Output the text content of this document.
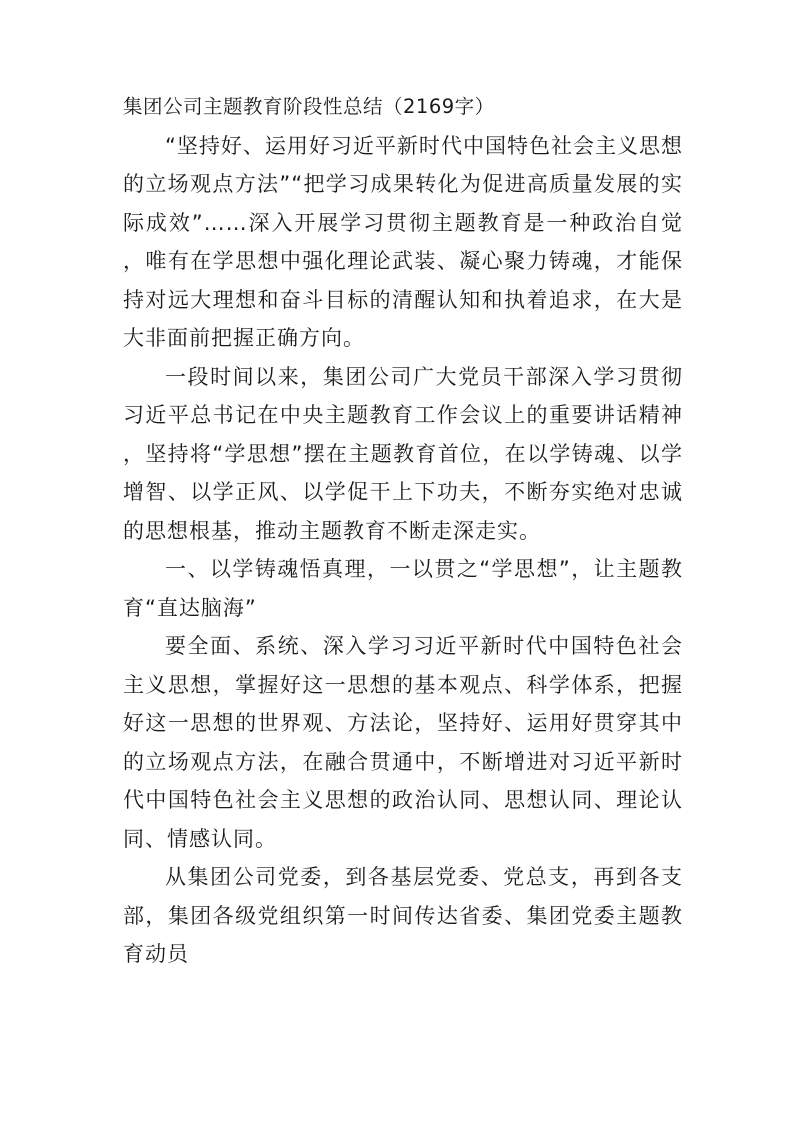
集团公司主题教育阶段性总结（2169字）

“坚持好、运用好习近平新时代中国特色社会主义思想的立场观点方法”“把学习成果转化为促进高质量发展的实际成效”……深入开展学习贯彻主题教育是一种政治自觉，唯有在学思想中强化理论武装、凝心聚力铸魂，才能保持对远大理想和奋斗目标的清醒认知和执着追求，在大是大非面前把握正确方向。

一段时间以来，集团公司广大党员干部深入学习贯彻习近平总书记在中央主题教育工作会议上的重要讲话精神，坚持将“学思想”摆在主题教育首位，在以学铸魂、以学增智、以学正风、以学促干上下功夫，不断夯实绝对忠诚的思想根基，推动主题教育不断走深走实。

一、以学铸魂悟真理，一以贯之“学思想”，让主题教育“直达脑海”

要全面、系统、深入学习习近平新时代中国特色社会主义思想，掌握好这一思想的基本观点、科学体系，把握好这一思想的世界观、方法论，坚持好、运用好贯穿其中的立场观点方法，在融合贯通中，不断增进对习近平新时代中国特色社会主义思想的政治认同、思想认同、理论认同、情感认同。

从集团公司党委，到各基层党委、党总支，再到各支部，集团各级党组织第一时间传达省委、集团党委主题教育动员
